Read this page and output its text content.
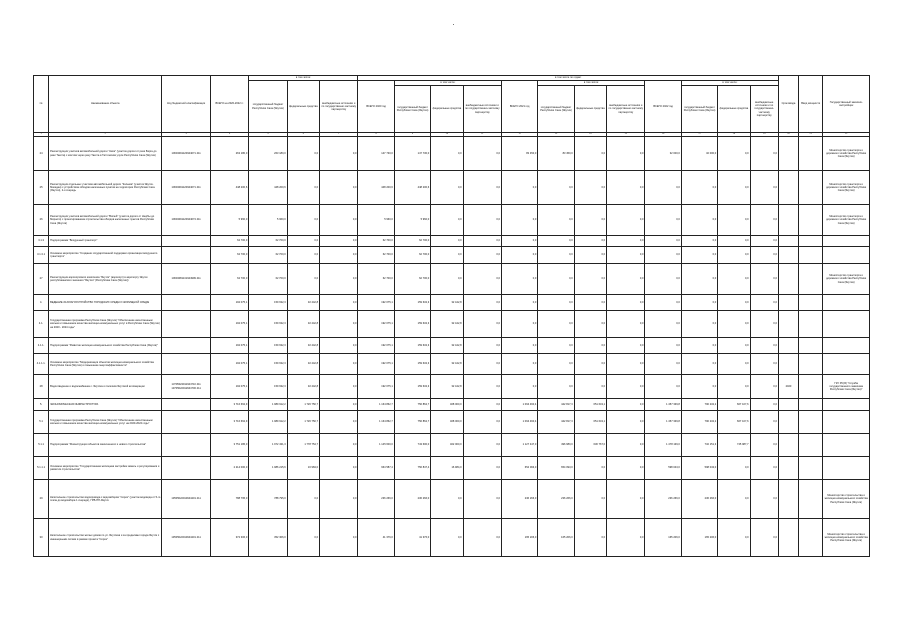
№	Наименование объекта	Код бюджетной классификации	ВСЕГО на 2020-2022 гг.	в том числе:			в том числе по годам:												Срок ввода	Ввод мощности	Государственный заказчик-застройщик
				государственный бюджет Республики Саха (Якутия)	федеральные средства	внебюджетные источники и по государственно-частному партнерству	ВСЕГО 2020 год	в том числе:			ВСЕГО 2021 год	в том числе:			ВСЕГО 2022 год	в том числе:					
								государственный бюджет Республики Саха (Якутия)	федеральные средства	внебюджетные источники и по государственно-частному партнерству		государственный бюджет Республики Саха (Якутия)	федеральные средства	внебюджетные источники и по государственно-частному партнерству		государственный бюджет Республики Саха (Якутия)	федеральные средства	внебюджетные источники и по государственно-частному партнерству			

1	2	3	4	5	6	7	8	9	10	11	12	13	14	15	16	17	18	19	20	21	22
24	Реконструкция участков автомобильной дороги "Амга" (участок дороги от реки Бярга до реки Таатта) с мостом через реку Таатта в Таттинском улусе Республики Саха (Якутия)	10604091120944071 411	263 180,0	263 180,0	0,0	0,0	147 730,0	147 730,0	0,0	0,0	83 450,0	83 450,0	0,0	0,0	32 000,0	32 000,0	0,0	0,0			Министерство транспорта и дорожного хозяйства Республики Саха (Якутия)
25	Реконструкция отдельных участков автомобильной дороги "Колыма" (участок Якутск-Магадан) с устройством обходов населенных пунктов на территории Республики Саха (Якутия), 2-я очередь	10604091120944071 411	448 200,6	448 200,6	0,0	0,0	448 200,6	448 200,6	0,0	0,0	0,0	0,0	0,0	0,0	0,0	0,0	0,0	0,0			Министерство транспорта и дорожного хозяйства Республики Саха (Якутия)
26	Реконструкция участков автомобильной дороги "Вилюй" (участок дороги от Нюрбы до Мирного) с проектированием строительства обходов населенных пунктов Республики Саха (Якутия)	10604091120944074 411	5 960,0	5 960,0	0,0	0,0	5 960,0	5 960,0	0,0	0,0	0,0	0,0	0,0	0,0	0,0	0,0	0,0	0,0			Министерство транспорта и дорожного хозяйства Республики Саха (Якутия)
3.1.3	Подпрограмма "Воздушный транспорт"		62 700,0	62 700,0	0,0	0,0	62 700,0	62 700,0	0,0	0,0	0,0	0,0	0,0	0,0	0,0	0,0	0,0	0,0			
3.1.3.1	Основное мероприятие "Создание государственной поддержки организации воздушного транспорта"		62 700,0	62 700,0	0,0	0,0	62 700,0	62 700,0	0,0	0,0	0,0	0,0	0,0	0,0	0,0	0,0	0,0	0,0			
27	Реконструкция аэропортового комплекса "Якутск" (аэропорт) в аэропорту Якутск республиканского значения "Якутия" (Республика Саха (Якутия))	10604081131944999 411	62 700,0	62 700,0	0,0	0,0	62 700,0	62 700,0	0,0	0,0	0,0	0,0	0,0	0,0	0,0	0,0	0,0	0,0			Министерство транспорта и дорожного хозяйства Республики Саха (Якутия)
4.	ВЕДЕНИЕ ЗА БЛАГОУСТРОЙСТВО ГОРОДСКИХ СРЕДЫ И ЖИЛИЩНОЙ СРЕДЫ		192 075,1	159 632,3	32 442,8	0,0	192 075,1	159 632,3	32 442,8	0,0	0,0	0,0	0,0	0,0	0,0	0,0	0,0	0,0			
4.1.	Государственная программа Республики Саха (Якутия) "Обеспечение качественным жильем и повышение качества жилищно-коммунальных услуг в Республике Саха (Якутия) на 2020 - 2024 годы"		192 075,1	159 632,3	32 442,8	0,0	192 075,1	159 632,3	32 442,8	0,0	0,0	0,0	0,0	0,0	0,0	0,0	0,0	0,0			
4.1.1.	Подпрограмма "Развитие жилищно-коммунального хозяйства Республики Саха (Якутия)"		192 075,1	159 632,3	32 442,8	0,0	192 075,1	159 632,3	32 442,8	0,0	0,0	0,0	0,0	0,0	0,0	0,0	0,0	0,0			
4.1.1.1.	Основное мероприятие "Модернизация объектов жилищно-коммунального хозяйства Республики Саха (Якутия) и повышение энергоэффективности"		192 075,1	159 632,3	32 442,8	0,0	192 075,1	159 632,3	32 442,8	0,0	0,0	0,0	0,0	0,0	0,0	0,0	0,0	0,0			
28	Водоотведение и водоснабжение г. Якутска и поселков Якутской агломерации	13705022911944710 411 13705022912944700 411	192 075,1	159 632,3	32 442,8	0,0	192 075,1	159 632,3	32 442,8	0,0	0,0	0,0	0,0	0,0	0,0	0,0	0,0	0,0	2020		ГКУ РС(Я) "Служба государственного заказчика Республики Саха (Якутия)"
5.	ЭКОНОМИЧЕСКАЯ ИНФРАСТРУКТУРА		3 716 662,9	1 989 912,2	1 726 750,7	0,0	1 164 862,7	756 862,7	408 000,0	0,0	1 094 460,4	442 817,3	651 643,1	0,0	1 457 339,8	790 232,2	667 107,6	0,0			
5.1	Государственная программа Республики Саха (Якутия) "Обеспечение качественным жильем и повышение качества жилищно-коммунальных услуг на 2020-2024 годы"		3 716 662,9	1 989 912,2	1 726 750,7	0,0	1 164 862,7	756 862,7	408 000,0	0,0	1 094 460,4	442 817,3	651 643,1	0,0	1 457 339,8	790 232,2	667 107,6	0,0			
5.1.1	Подпрограмма "Реконструкция объектов законченного и нового строительства"		3 751 186,0	1 972 431,3	1 778 754,7	0,0	1 145 600,0	743 600,0	402 000,0	0,0	1 127 447,0	496 680,0	630 767,0	0,0	1 478 139,0	732 151,3	745 987,7	0,0			
5.1.1.1	Основное мероприятие "Государственная жилищная застройка земель и регулирования и развития строительства"		2 214 000,0	1 986 215,6	16 984,0	0,0	964 587,4	756 847,4	16 984,0	0,0	654 093,0	654 093,0	0,0	0,0	598 043,0	598 043,0	0,0	0,0			
29	Капитальное строительство водопровода с водозабором "Сорок" (участок водовода от 5-го этапа до водозабора 1 очереди), ГРВ-ПП-Якутск	13505022913944201 411	788 795,0	788 795,0	0,0	0,0	236 266,0	236 266,0	0,0	0,0	236 266,0	236 266,0	0,0	0,0	236 266,0	236 266,0	0,0	0,0			Министерство строительства и жилищно-коммунального хозяйства Республики Саха (Якутия)
30	Капитальное строительство жилых домов по ул. Якутская и за пределами города Якутск с инженерными сетями в рамках проекта "Сорок"	13505022913944201 411	372 306,0	352 306,0	0,0	0,0	41 376,0	41 376,0	0,0	0,0	165 206,0	165 206,0	0,0	0,0	165 206,0	165 206,0	0,0	0,0			Министерство строительства и жилищно-коммунального хозяйства Республики Саха (Якутия)
